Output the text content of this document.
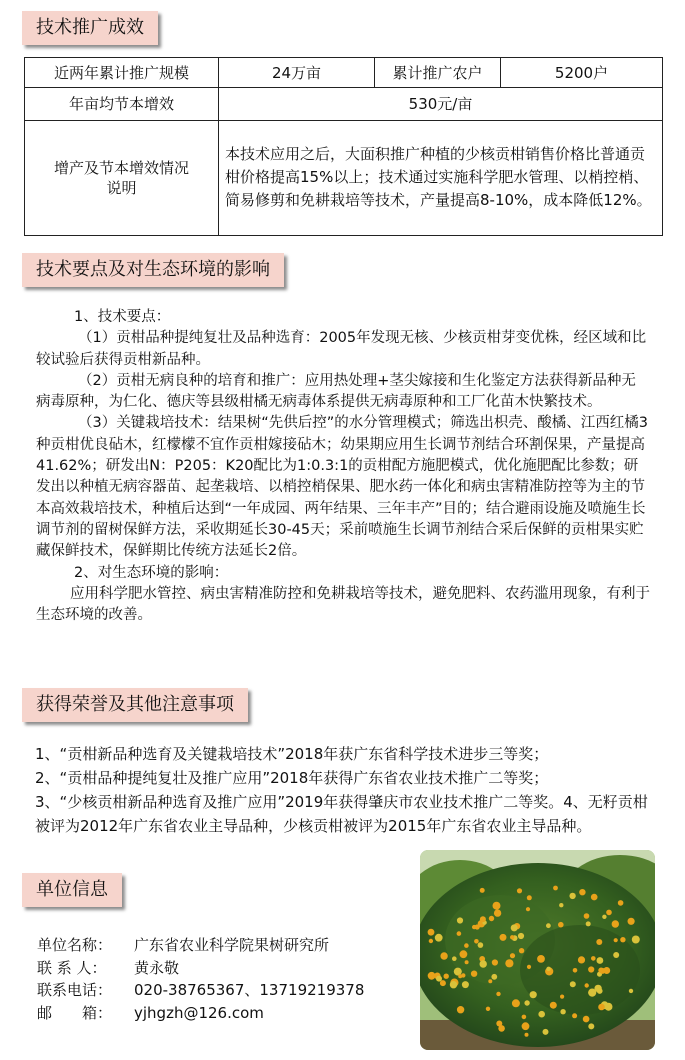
技术推广成效
近两年累计推广规模	24万亩	累计推广农户	5200户
年亩均节本增效	530元/亩		
增产及节本增效情况说明	本技术应用之后，大面积推广种植的少核贡柑销售价格比普通贡柑价格提高15%以上；技术通过实施科学肥水管理、以梢控梢、简易修剪和免耕栽培等技术，产量提高8-10%，成本降低12%。		
技术要点及对生态环境的影响

1、技术要点：

（1）贡柑品种提纯复壮及品种选育：2005年发现无核、少核贡柑芽变优株，经区域和比较试验后获得贡柑新品种。

（2）贡柑无病良种的培育和推广：应用热处理+茎尖嫁接和生化鉴定方法获得新品种无病毒原种，为仁化、德庆等县级柑橘无病毒体系提供无病毒原种和工厂化苗木快繁技术。

（3）关键栽培技术：结果树“先供后控”的水分管理模式；筛选出枳壳、酸橘、江西红橘3种贡柑优良砧木，红檬檬不宜作贡柑嫁接砧木；幼果期应用生长调节剂结合环割保果，产量提高41.62%；研发出N：P205：K20配比为1:0.3:1的贡柑配方施肥模式，优化施肥配比参数；研发出以种植无病容器苗、起垄栽培、以梢控梢保果、肥水药一体化和病虫害精准防控等为主的节本高效栽培技术，种植后达到“一年成园、两年结果、三年丰产”目的；结合避雨设施及喷施生长调节剂的留树保鲜方法，采收期延长30-45天；采前喷施生长调节剂结合采后保鲜的贡柑果实贮藏保鲜技术，保鲜期比传统方法延长2倍。

2、对生态环境的影响：

应用科学肥水管控、病虫害精准防控和免耕栽培等技术，避免肥料、农药滥用现象，有利于生态环境的改善。

获得荣誉及其他注意事项

1、“贡柑新品种选育及关键栽培技术”2018年获广东省科学技术进步三等奖；

2、“贡柑品种提纯复壮及推广应用”2018年获得广东省农业技术推广二等奖；

3、“少核贡柑新品种选育及推广应用”2019年获得肇庆市农业技术推广二等奖。4、无籽贡柑被评为2012年广东省农业主导品种，少核贡柑被评为2015年广东省农业主导品种。

单位信息
单位名称： 广东省农业科学院果树研究所
联 系 人： 黄永敬
联系电话： 020-38765367、13719219378
邮　　箱： yjhgzh@126.com
